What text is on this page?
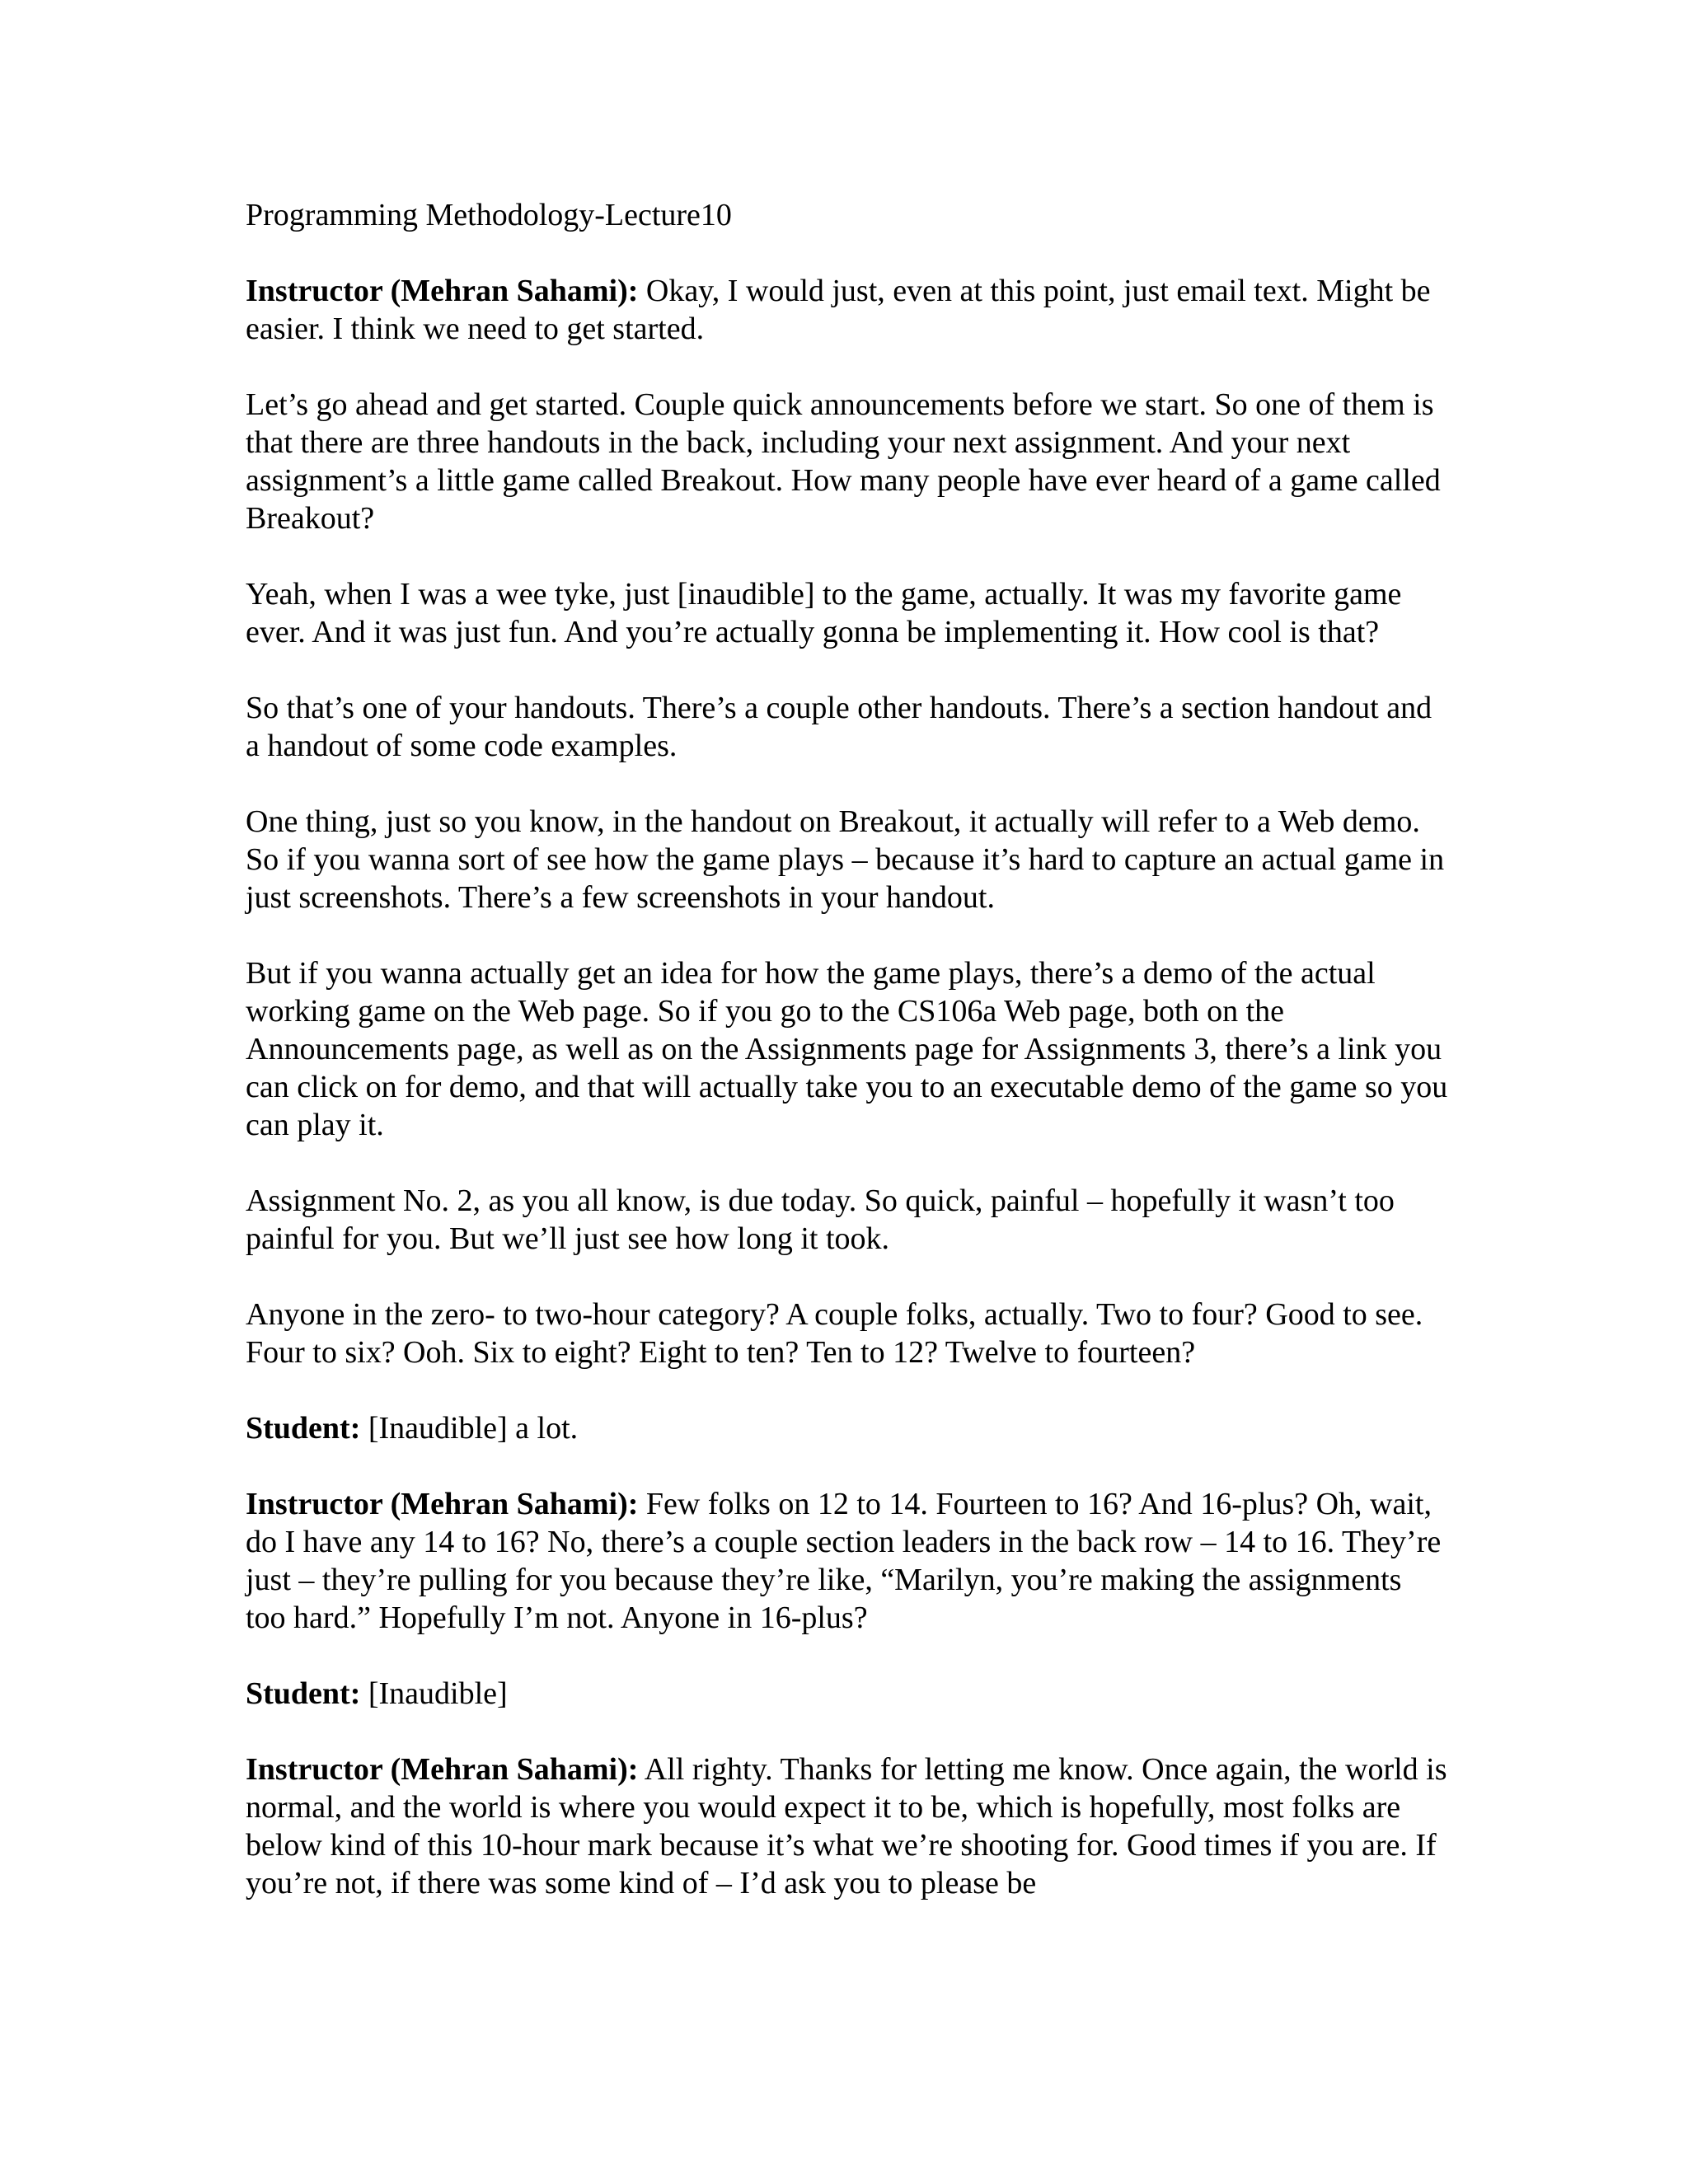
Programming Methodology-Lecture10

Instructor (Mehran Sahami): Okay, I would just, even at this point, just email text. Might be easier. I think we need to get started.

Let’s go ahead and get started. Couple quick announcements before we start. So one of them is that there are three handouts in the back, including your next assignment. And your next assignment’s a little game called Breakout. How many people have ever heard of a game called Breakout?

Yeah, when I was a wee tyke, just [inaudible] to the game, actually. It was my favorite game ever. And it was just fun. And you’re actually gonna be implementing it. How cool is that?

So that’s one of your handouts. There’s a couple other handouts. There’s a section handout and a handout of some code examples.

One thing, just so you know, in the handout on Breakout, it actually will refer to a Web demo. So if you wanna sort of see how the game plays – because it’s hard to capture an actual game in just screenshots. There’s a few screenshots in your handout.

But if you wanna actually get an idea for how the game plays, there’s a demo of the actual working game on the Web page. So if you go to the CS106a Web page, both on the Announcements page, as well as on the Assignments page for Assignments 3, there’s a link you can click on for demo, and that will actually take you to an executable demo of the game so you can play it.

Assignment No. 2, as you all know, is due today. So quick, painful – hopefully it wasn’t too painful for you. But we’ll just see how long it took.

Anyone in the zero- to two-hour category? A couple folks, actually. Two to four? Good to see. Four to six? Ooh. Six to eight? Eight to ten? Ten to 12? Twelve to fourteen?

Student: [Inaudible] a lot.

Instructor (Mehran Sahami): Few folks on 12 to 14. Fourteen to 16? And 16-plus? Oh, wait, do I have any 14 to 16? No, there’s a couple section leaders in the back row – 14 to 16. They’re just – they’re pulling for you because they’re like, “Marilyn, you’re making the assignments too hard.” Hopefully I’m not. Anyone in 16-plus?

Student: [Inaudible]

Instructor (Mehran Sahami): All righty. Thanks for letting me know. Once again, the world is normal, and the world is where you would expect it to be, which is hopefully, most folks are below kind of this 10-hour mark because it’s what we’re shooting for. Good times if you are. If you’re not, if there was some kind of – I’d ask you to please be
